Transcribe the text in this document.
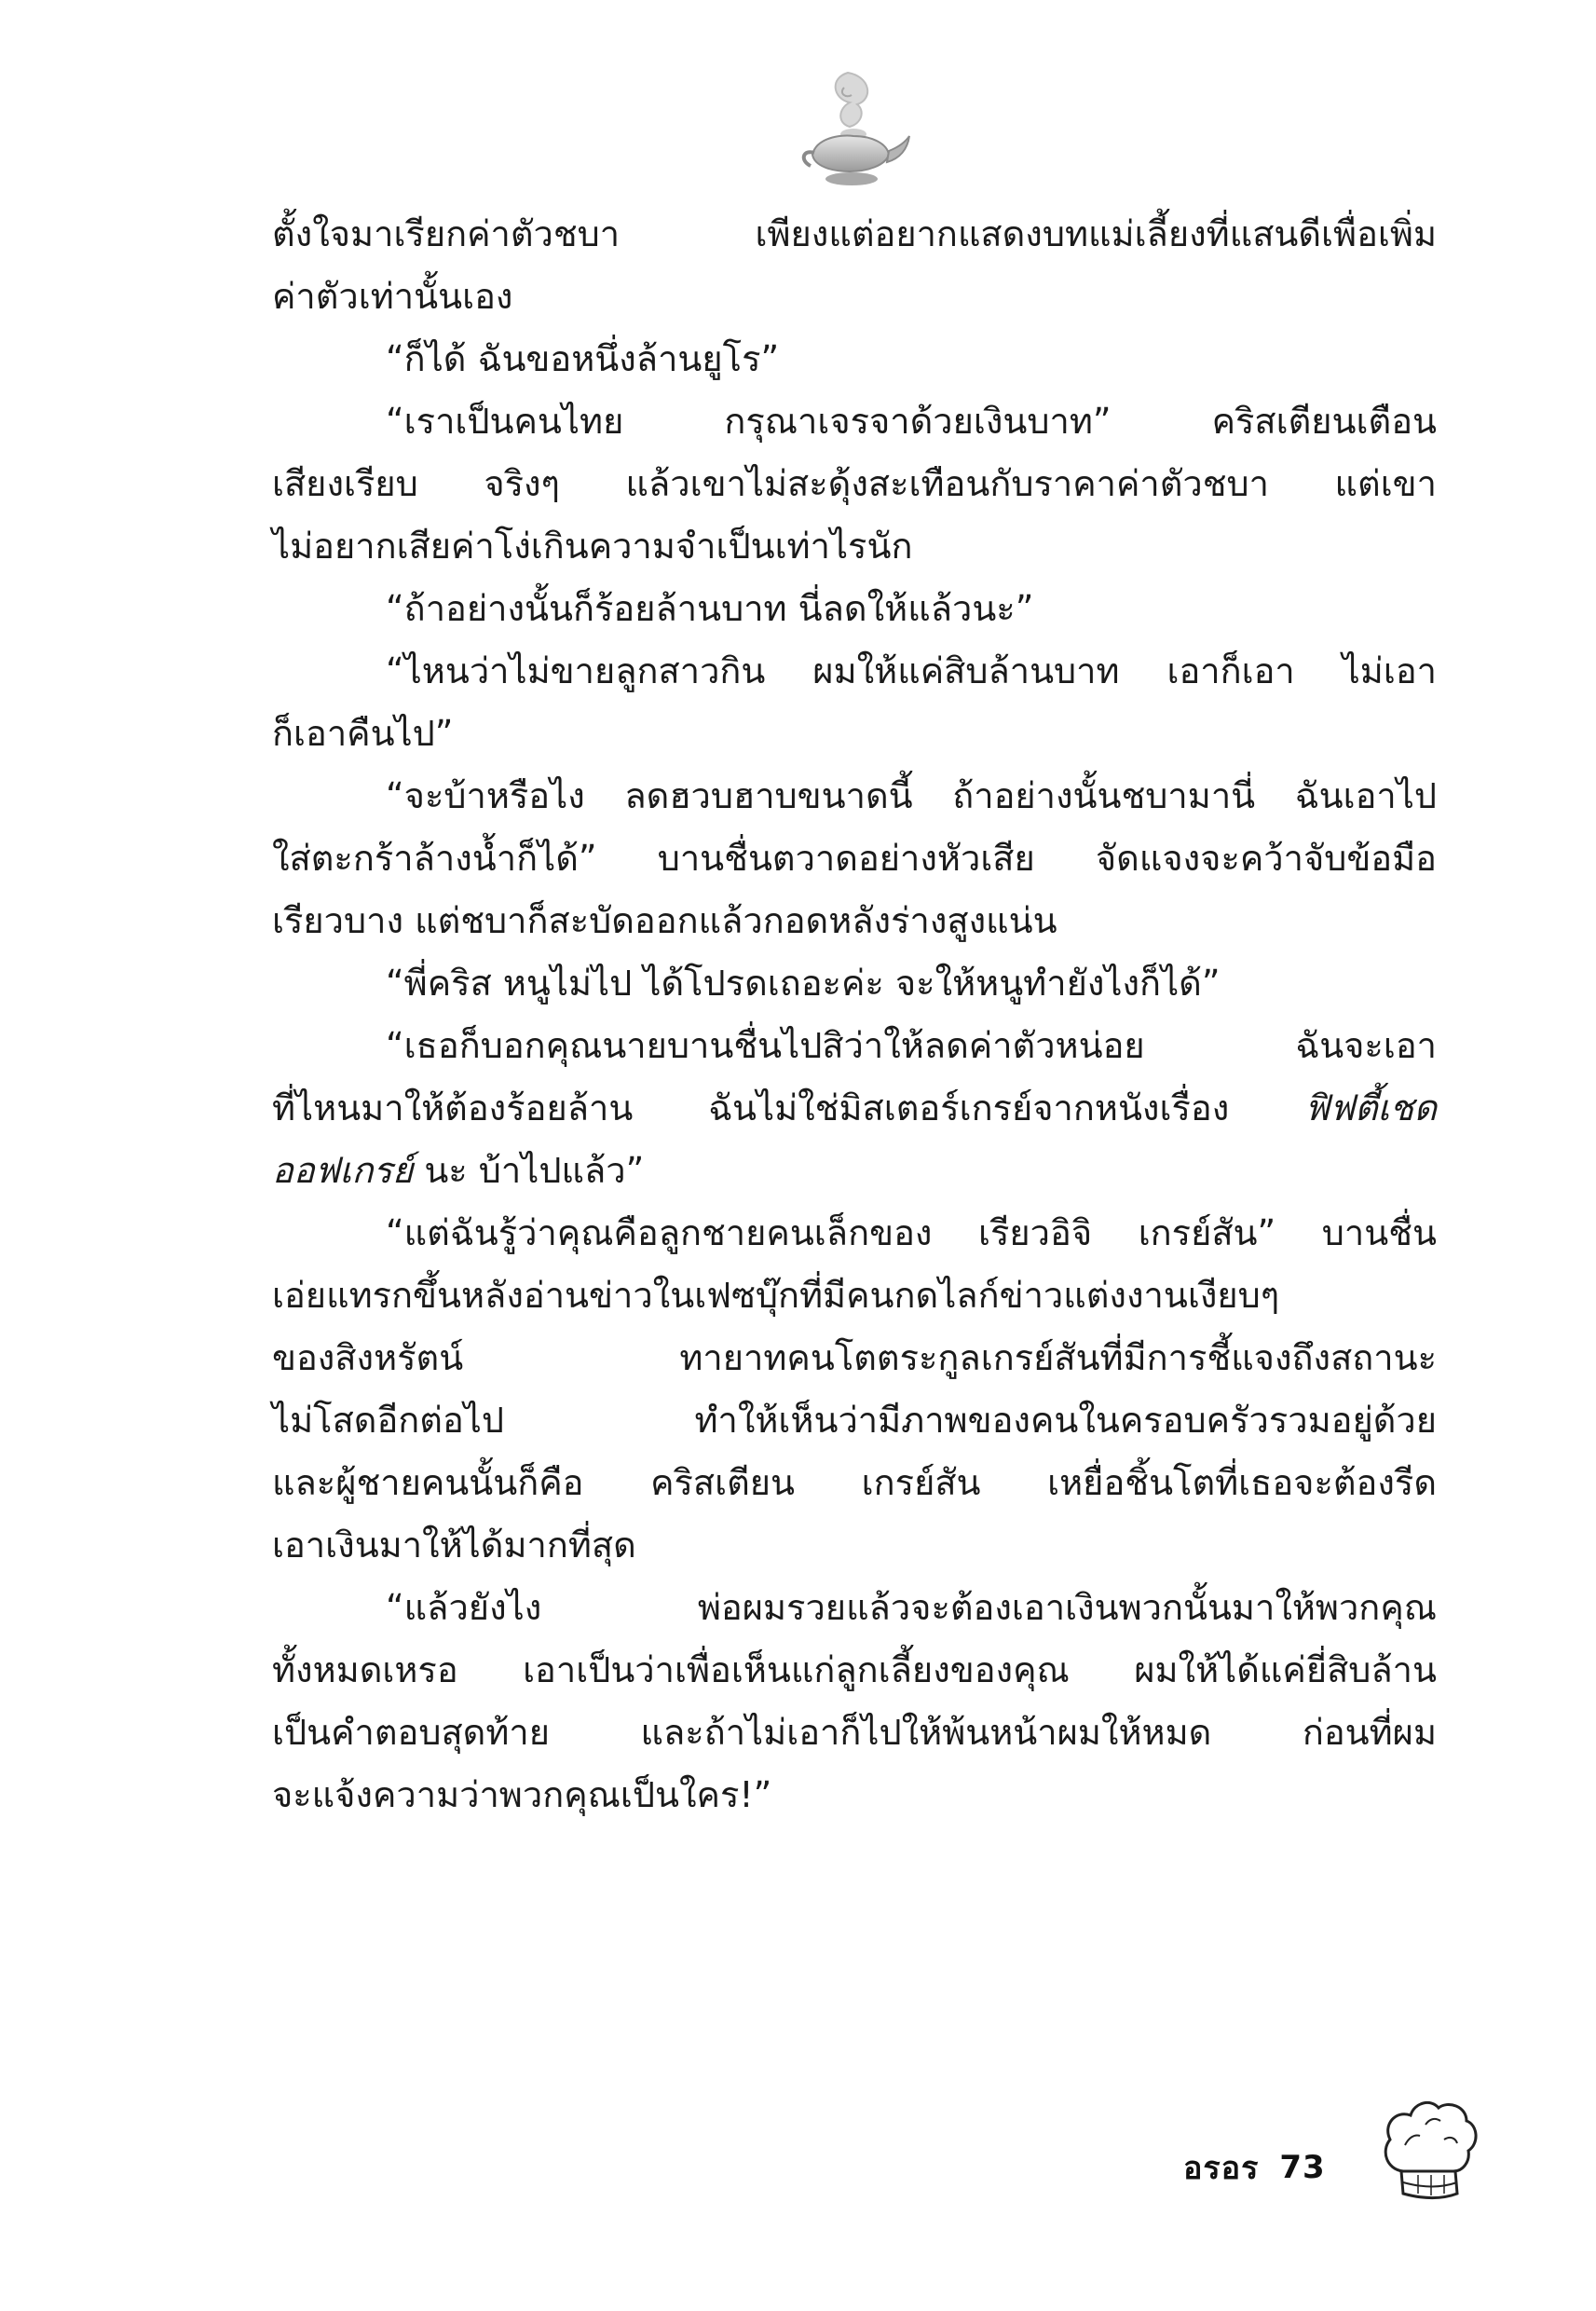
ตั้งใจมาเรียกค่าตัวชบา เพียงแต่อยากแสดงบทแม่เลี้ยงที่แสนดีเพื่อเพิ่ม
ค่าตัวเท่านั้นเอง
“ก็ได้ ฉันขอหนึ่งล้านยูโร”
“เราเป็นคนไทย กรุณาเจรจาด้วยเงินบาท” คริสเตียนเตือน
เสียงเรียบ จริงๆ แล้วเขาไม่สะดุ้งสะเทือนกับราคาค่าตัวชบา แต่เขา
ไม่อยากเสียค่าโง่เกินความจำเป็นเท่าไรนัก
“ถ้าอย่างนั้นก็ร้อยล้านบาท นี่ลดให้แล้วนะ”
“ไหนว่าไม่ขายลูกสาวกิน ผมให้แค่สิบล้านบาท เอาก็เอา ไม่เอา
ก็เอาคืนไป”
“จะบ้าหรือไง ลดฮวบฮาบขนาดนี้ ถ้าอย่างนั้นชบามานี่ ฉันเอาไป
ใส่ตะกร้าล้างน้ำก็ได้” บานชื่นตวาดอย่างหัวเสีย จัดแจงจะคว้าจับข้อมือ
เรียวบาง แต่ชบาก็สะบัดออกแล้วกอดหลังร่างสูงแน่น
“พี่คริส หนูไม่ไป ได้โปรดเถอะค่ะ จะให้หนูทำยังไงก็ได้”
“เธอก็บอกคุณนายบานชื่นไปสิว่าให้ลดค่าตัวหน่อย ฉันจะเอา
ที่ไหนมาให้ต้องร้อยล้าน ฉันไม่ใช่มิสเตอร์เกรย์จากหนังเรื่อง ฟิฟตี้เชด
ออฟเกรย์ นะ บ้าไปแล้ว”
“แต่ฉันรู้ว่าคุณคือลูกชายคนเล็กของ เรียวอิจิ เกรย์สัน” บานชื่น
เอ่ยแทรกขึ้นหลังอ่านข่าวในเฟซบุ๊กที่มีคนกดไลก์ข่าวแต่งงานเงียบๆ
ของสิงหรัตน์ ทายาทคนโตตระกูลเกรย์สันที่มีการชี้แจงถึงสถานะ
ไม่โสดอีกต่อไป ทำให้เห็นว่ามีภาพของคนในครอบครัวรวมอยู่ด้วย
และผู้ชายคนนั้นก็คือ คริสเตียน เกรย์สัน เหยื่อชิ้นโตที่เธอจะต้องรีด
เอาเงินมาให้ได้มากที่สุด
“แล้วยังไง พ่อผมรวยแล้วจะต้องเอาเงินพวกนั้นมาให้พวกคุณ
ทั้งหมดเหรอ เอาเป็นว่าเพื่อเห็นแก่ลูกเลี้ยงของคุณ ผมให้ได้แค่ยี่สิบล้าน
เป็นคำตอบสุดท้าย และถ้าไม่เอาก็ไปให้พ้นหน้าผมให้หมด ก่อนที่ผม
จะแจ้งความว่าพวกคุณเป็นใคร!”
อรอร 73
